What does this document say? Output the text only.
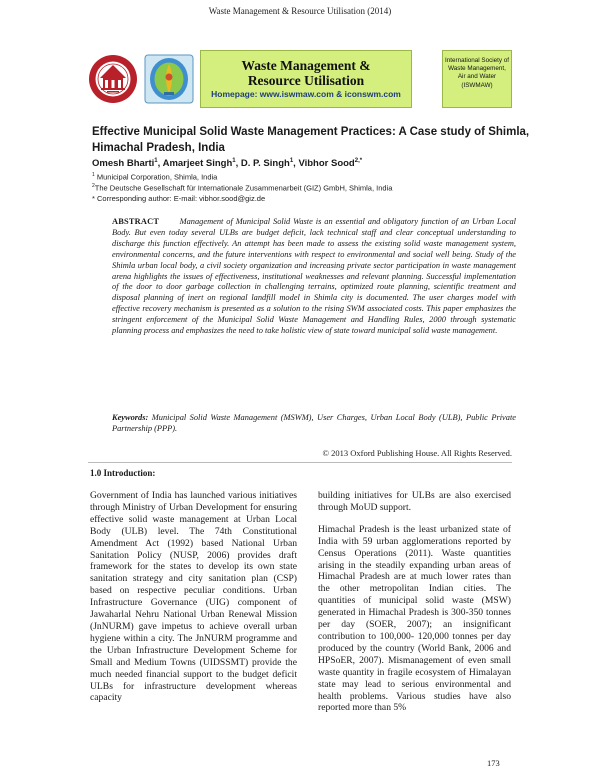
Waste Management & Resource Utilisation (2014)
Waste Management &
Resource Utilisation
Homepage: www.iswmaw.com & iconswm.com
International Society of
Waste Management,
Air and Water
(ISWMAW)
Effective Municipal Solid Waste Management Practices: A Case study of Shimla,
Himachal Pradesh, India
Omesh Bharti$^1$, Amarjeet Singh$^1$, D. P. Singh$^1$, Vibhor Sood$^{2,*}$
$^1$ Municipal Corporation, Shimla, India
$^2$The Deutsche Gesellschaft für Internationale Zusammenarbeit (GIZ) GmbH, Shimla, India
* Corresponding author: E-mail: vibhor.sood@giz.de
ABSTRACT Management of Municipal Solid Waste is an essential and obligatory function of an Urban Local Body. But even today several ULBs are budget deficit, lack technical staff and clear conceptual understanding to discharge this function effectively. An attempt has been made to assess the existing solid waste management system, environmental concerns, and the future interventions with respect to environmental and social well being. Study of the Shimla urban local body, a civil society organization and increasing private sector participation in waste management arena highlights the issues of effectiveness, institutional weaknesses and relevant planning. Successful implementation of the door to door garbage collection in challenging terrains, optimized route planning, scientific treatment and disposal planning of inert on regional landfill model in Shimla city is documented. The user charges model with effective recovery mechanism is presented as a solution to the rising SWM associated costs. This paper emphasizes the stringent enforcement of the Municipal Solid Waste Management and Handling Rules, 2000 through systematic planning process and emphasizes the need to take holistic view of state toward municipal solid waste management.
Keywords: Municipal Solid Waste Management (MSWM), User Charges, Urban Local Body (ULB), Public Private Partnership (PPP).
© 2013 Oxford Publishing House. All Rights Reserved.
1.0 Introduction:

Government of India has launched various initiatives through Ministry of Urban Development for ensuring effective solid waste management at Urban Local Body (ULB) level. The 74th Constitutional Amendment Act (1992) based National Urban Sanitation Policy (NUSP, 2006) provides draft framework for the states to develop its own state sanitation strategy and city sanitation plan (CSP) based on respective peculiar conditions. Urban Infrastructure Governance (UIG) component of Jawaharlal Nehru National Urban Renewal Mission (JnNURM) gave impetus to achieve overall urban hygiene within a city. The JnNURM programme and the Urban Infrastructure Development Scheme for Small and Medium Towns (UIDSSMT) provide the much needed financial support to the budget deficit ULBs for infrastructure development whereas capacity

building initiatives for ULBs are also exercised through MoUD support.

Himachal Pradesh is the least urbanized state of India with 59 urban agglomerations reported by Census Operations (2011). Waste quantities arising in the steadily expanding urban areas of Himachal Pradesh are at much lower rates than the other metropolitan Indian cities. The quantities of municipal solid waste (MSW) generated in Himachal Pradesh is 300-350 tonnes per day (SOER, 2007); an insignificant contribution to 100,000- 120,000 tonnes per day produced by the country (World Bank, 2006 and HPSoER, 2007). Mismanagement of even small waste quantity in fragile ecosystem of Himalayan state may lead to serious environmental and health problems. Various studies have also reported more than 5%

173
